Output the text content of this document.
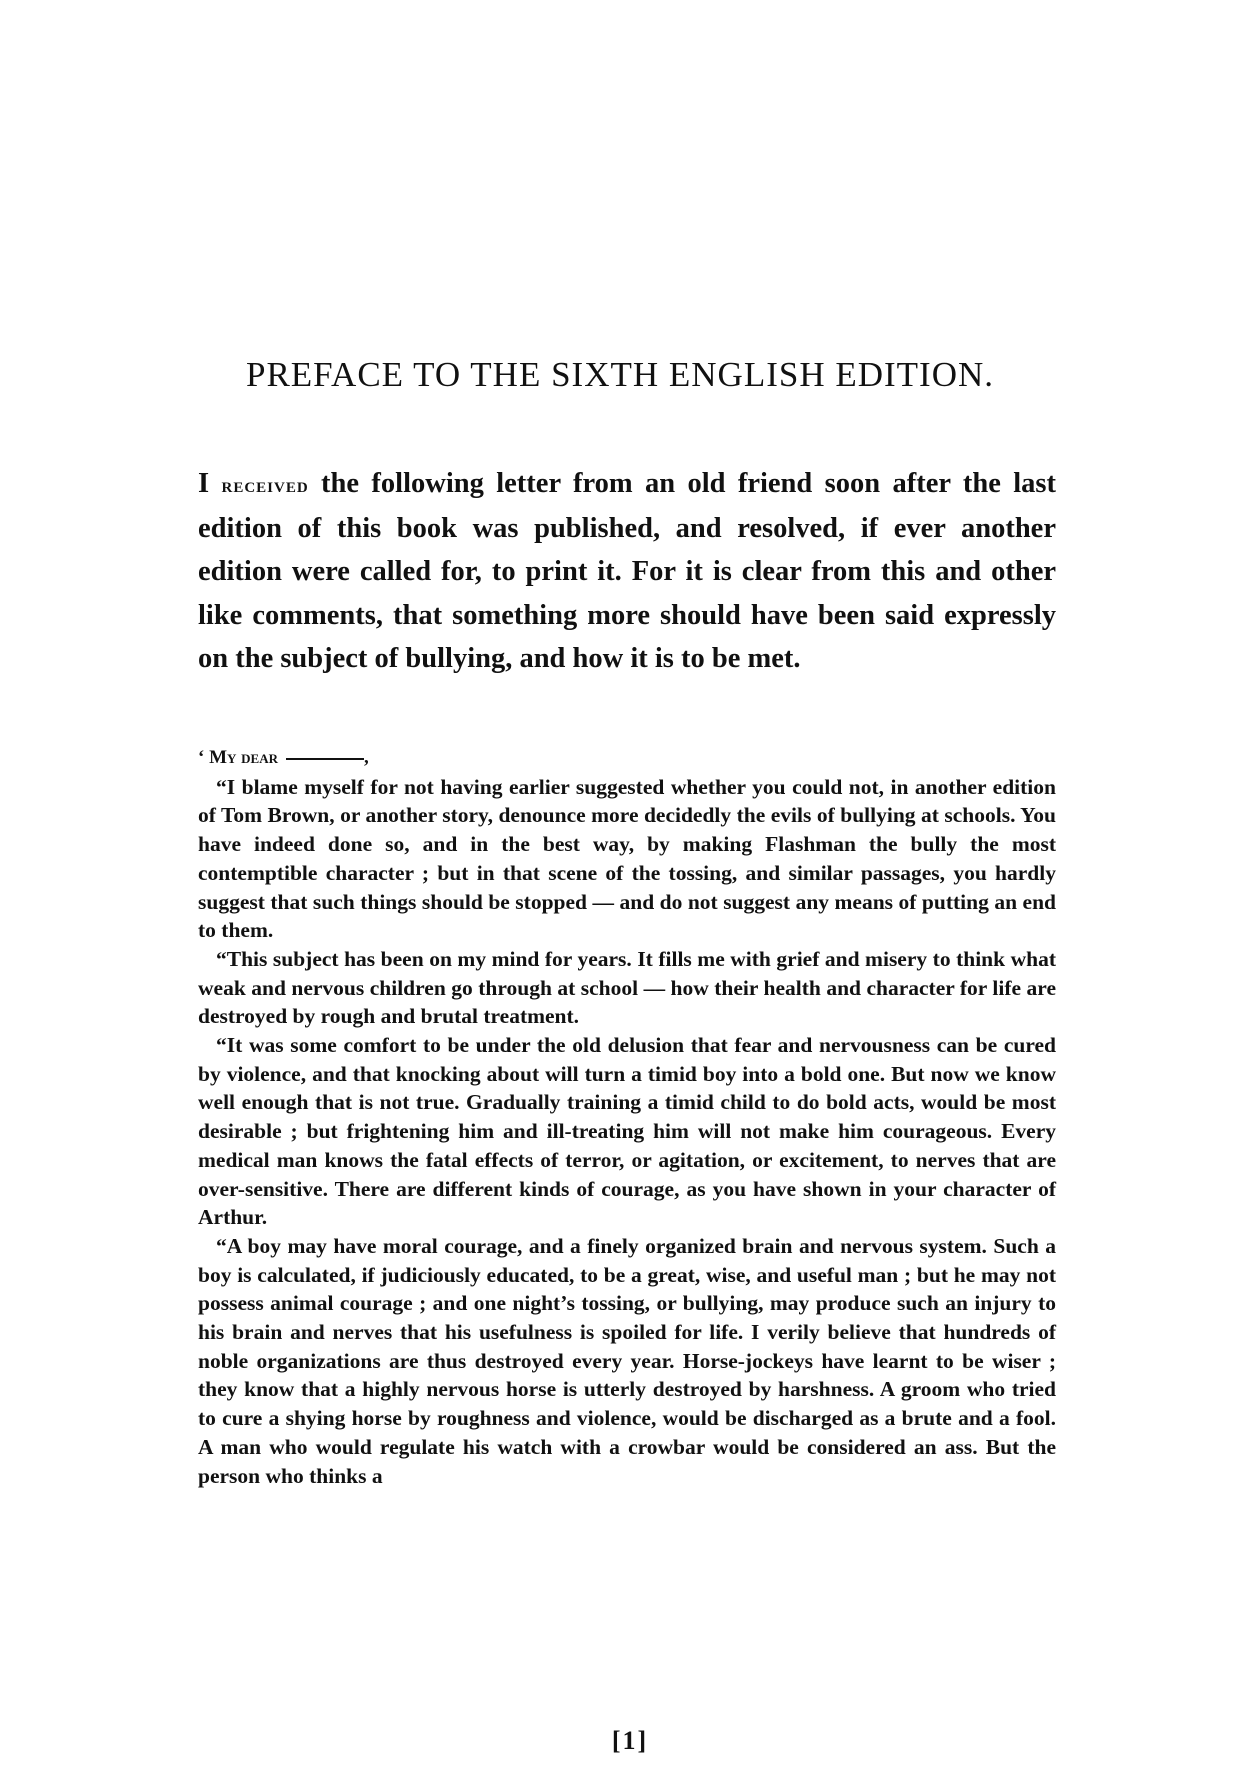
PREFACE TO THE SIXTH ENGLISH EDITION.

I received the following letter from an old friend soon after the last edition of this book was published, and resolved, if ever another edition were called for, to print it. For it is clear from this and other like comments, that something more should have been said expressly on the subject of bullying, and how it is to be met.

‘ My dear	,

“I blame myself for not having earlier suggested whether you could not, in another edition of Tom Brown, or another story, denounce more decidedly the evils of bullying at schools. You have indeed done so, and in the best way, by making Flashman the bully the most contemptible character ; but in that scene of the tossing, and similar passages, you hardly suggest that such things should be stopped — and do not suggest any means of putting an end to them.

“This subject has been on my mind for years. It fills me with grief and misery to think what weak and nervous children go through at school — how their health and character for life are destroyed by rough and brutal treatment.

“It was some comfort to be under the old delusion that fear and nervousness can be cured by violence, and that knocking about will turn a timid boy into a bold one. But now we know well enough that is not true. Gradually training a timid child to do bold acts, would be most desirable ; but frightening him and ill-treating him will not make him courageous. Every medical man knows the fatal effects of terror, or agitation, or excitement, to nerves that are over-sensitive. There are different kinds of courage, as you have shown in your character of Arthur.

“A boy may have moral courage, and a finely organized brain and nervous system. Such a boy is calculated, if judiciously educated, to be a great, wise, and useful man ; but he may not possess animal courage ; and one night’s tossing, or bullying, may produce such an injury to his brain and nerves that his usefulness is spoiled for life. I verily believe that hundreds of noble organizations are thus destroyed every year. Horse-jockeys have learnt to be wiser ; they know that a highly nervous horse is utterly destroyed by harshness. A groom who tried to cure a shying horse by roughness and violence, would be discharged as a brute and a fool. A man who would regulate his watch with a crowbar would be considered an ass. But the person who thinks a

[1]
